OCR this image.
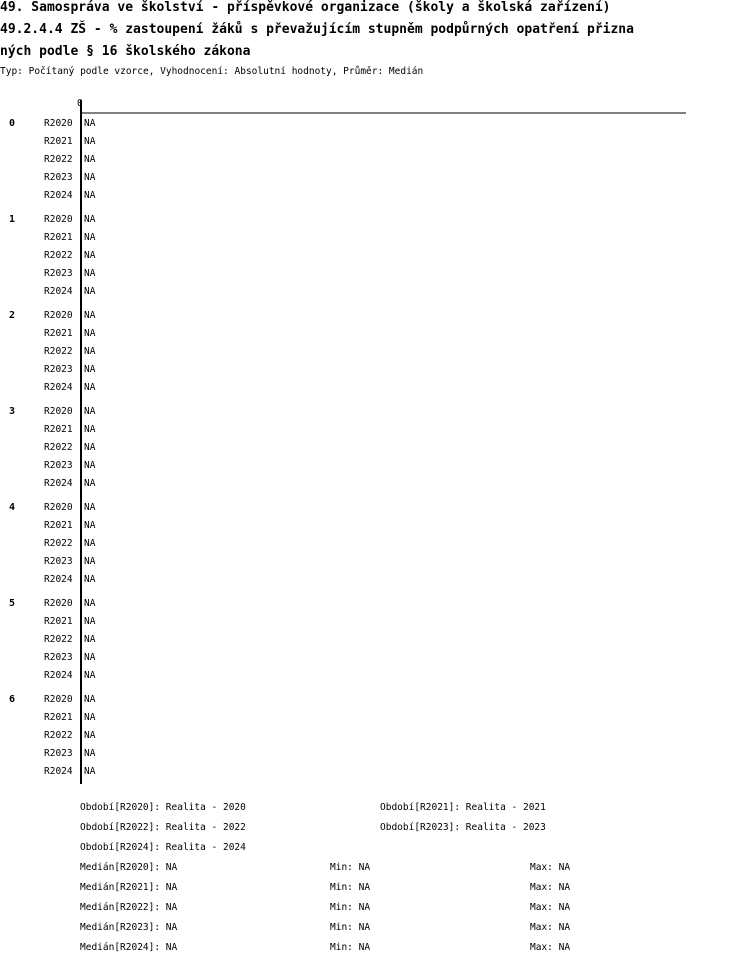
49. Samospráva ve školství - příspěvkové organizace (školy a školská zařízení)
49.2.4.4 ZŠ - % zastoupení žáků s převažujícím stupněm podpůrných opatření přizna
ných podle § 16 školského zákona
Typ: Počítaný podle vzorce, Vyhodnocení: Absolutní hodnoty, Průměr: Medián
0	R2020 NA
R2021 NA
R2022 NA
R2023 NA
R2024 NA
1	R2020 NA
R2021 NA
R2022 NA
R2023 NA
R2024 NA
2	R2020 NA
R2021 NA
R2022 NA
R2023 NA
R2024 NA
3	R2020 NA
R2021 NA
R2022 NA
R2023 NA
R2024 NA
4	R2020 NA
R2021 NA
R2022 NA
R2023 NA
R2024 NA
5	R2020 NA
R2021 NA
R2022 NA
R2023 NA
R2024 NA
6	R2020 NA
R2021 NA
R2022 NA
R2023 NA
R2024 NA
0
Období[R2020]: Realita - 2020	Období[R2021]: Realita - 2021
Období[R2022]: Realita - 2022	Období[R2023]: Realita - 2023
Období[R2024]: Realita - 2024
Medián[R2020]: NA	Min: NA	Max: NA
Medián[R2021]: NA	Min: NA	Max: NA
Medián[R2022]: NA	Min: NA	Max: NA
Medián[R2023]: NA	Min: NA	Max: NA
Medián[R2024]: NA	Min: NA	Max: NA
